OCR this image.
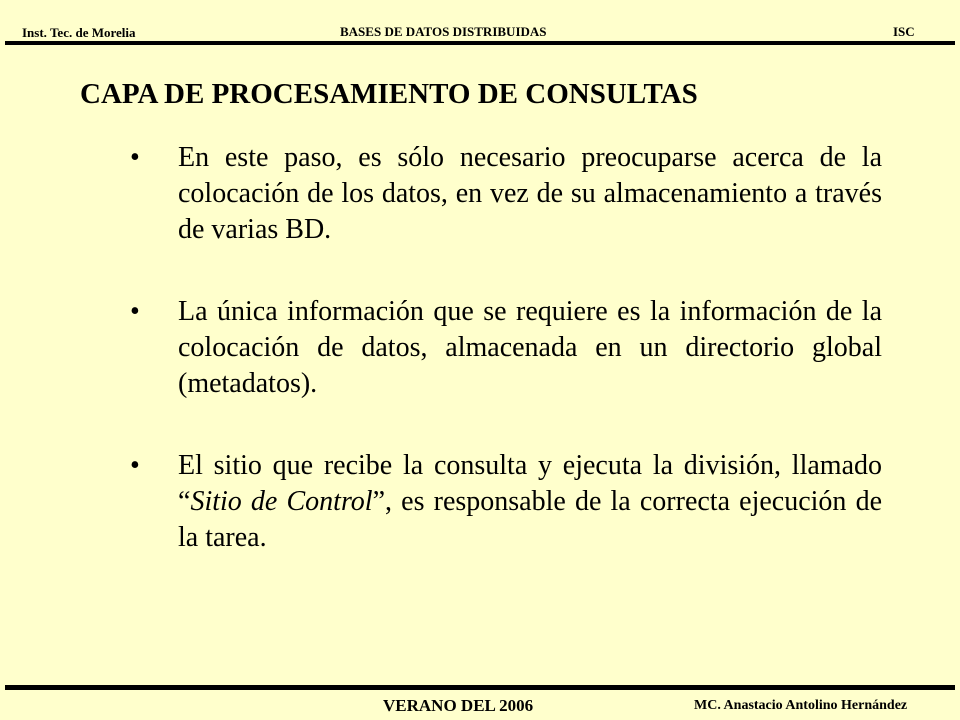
Inst. Tec. de Morelia	BASES DE DATOS DISTRIBUIDAS	ISC
CAPA DE PROCESAMIENTO DE CONSULTAS
• En este paso, es sólo necesario preocuparse acerca de la colocación de los datos, en vez de su almacenamiento a través de varias BD.
• La única información que se requiere es la información de la colocación de datos, almacenada en un directorio global (metadatos).
• El sitio que recibe la consulta y ejecuta la división, llamado “Sitio de Control”, es responsable de la correcta ejecución de la tarea.
VERANO DEL 2006	MC. Anastacio Antolino Hernández
